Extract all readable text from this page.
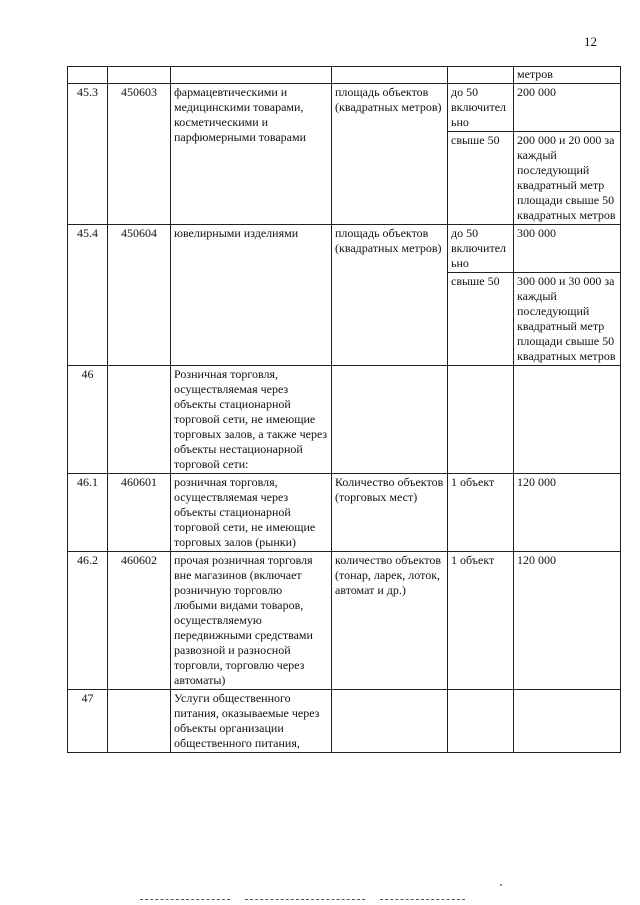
12
					метров
45.3	450603	фармацевтическими и медицинскими товарами, косметическими и парфюмерными товарами	площадь объектов (квадратных метров)	до 50 включительно	200 000
				свыше 50	200 000 и 20 000 за каждый последующий квадратный метр площади свыше 50 квадратных метров
45.4	450604	ювелирными изделиями	площадь объектов (квадратных метров)	до 50 включительно	300 000
				свыше 50	300 000 и 30 000 за каждый последующий квадратный метр площади свыше 50 квадратных метров
46		Розничная торговля, осуществляемая через объекты стационарной торговой сети, не имеющие торговых залов, а также через объекты нестационарной торговой сети:			
46.1	460601	розничная торговля, осуществляемая через объекты стационарной торговой сети, не имеющие торговых залов (рынки)	Количество объектов (торговых мест)	1 объект	120 000
46.2	460602	прочая розничная торговля вне магазинов (включает розничную торговлю любыми видами товаров, осуществляемую передвижными средствами развозной и разносной торговли, торговлю через автоматы)	количество объектов (тонар, ларек, лоток, автомат и др.)	1 объект	120 000
47		Услуги общественного питания, оказываемые через объекты организации общественного питания,			
